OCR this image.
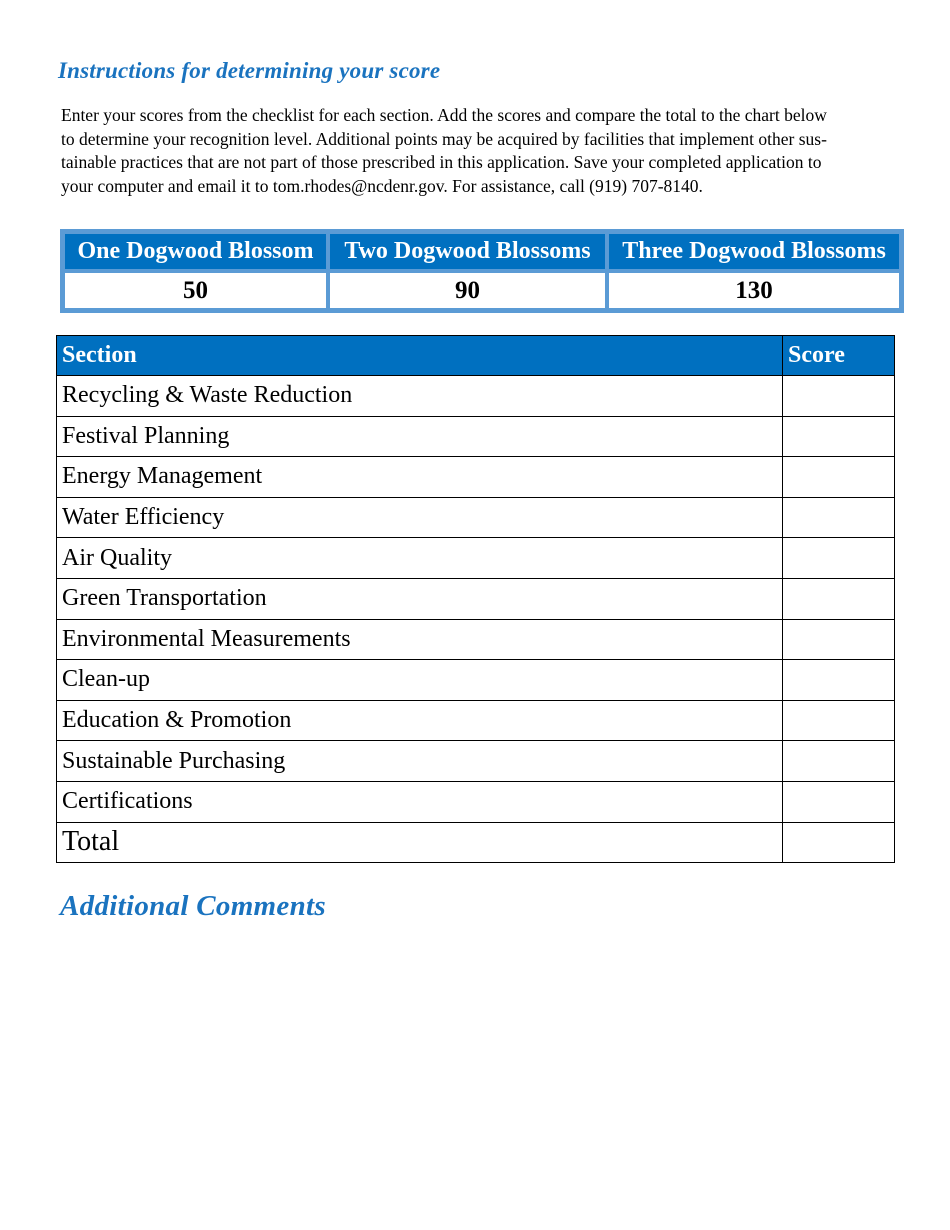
Instructions for determining your score

Enter your scores from the checklist for each section. Add the scores and compare the total to the chart below
to determine your recognition level. Additional points may be acquired by facilities that implement other sus-
tainable practices that are not part of those prescribed in this application. Save your completed application to
your computer and email it to tom.rhodes@ncdenr.gov. For assistance, call (919) 707-8140.

One Dogwood Blossom	Two Dogwood Blossoms	Three Dogwood Blossoms
50	90	130
Section	Score
Recycling & Waste Reduction	
Festival Planning	
Energy Management	
Water Efficiency	
Air Quality	
Green Transportation	
Environmental Measurements	
Clean-up	
Education & Promotion	
Sustainable Purchasing	
Certifications	
Total	
Additional Comments
